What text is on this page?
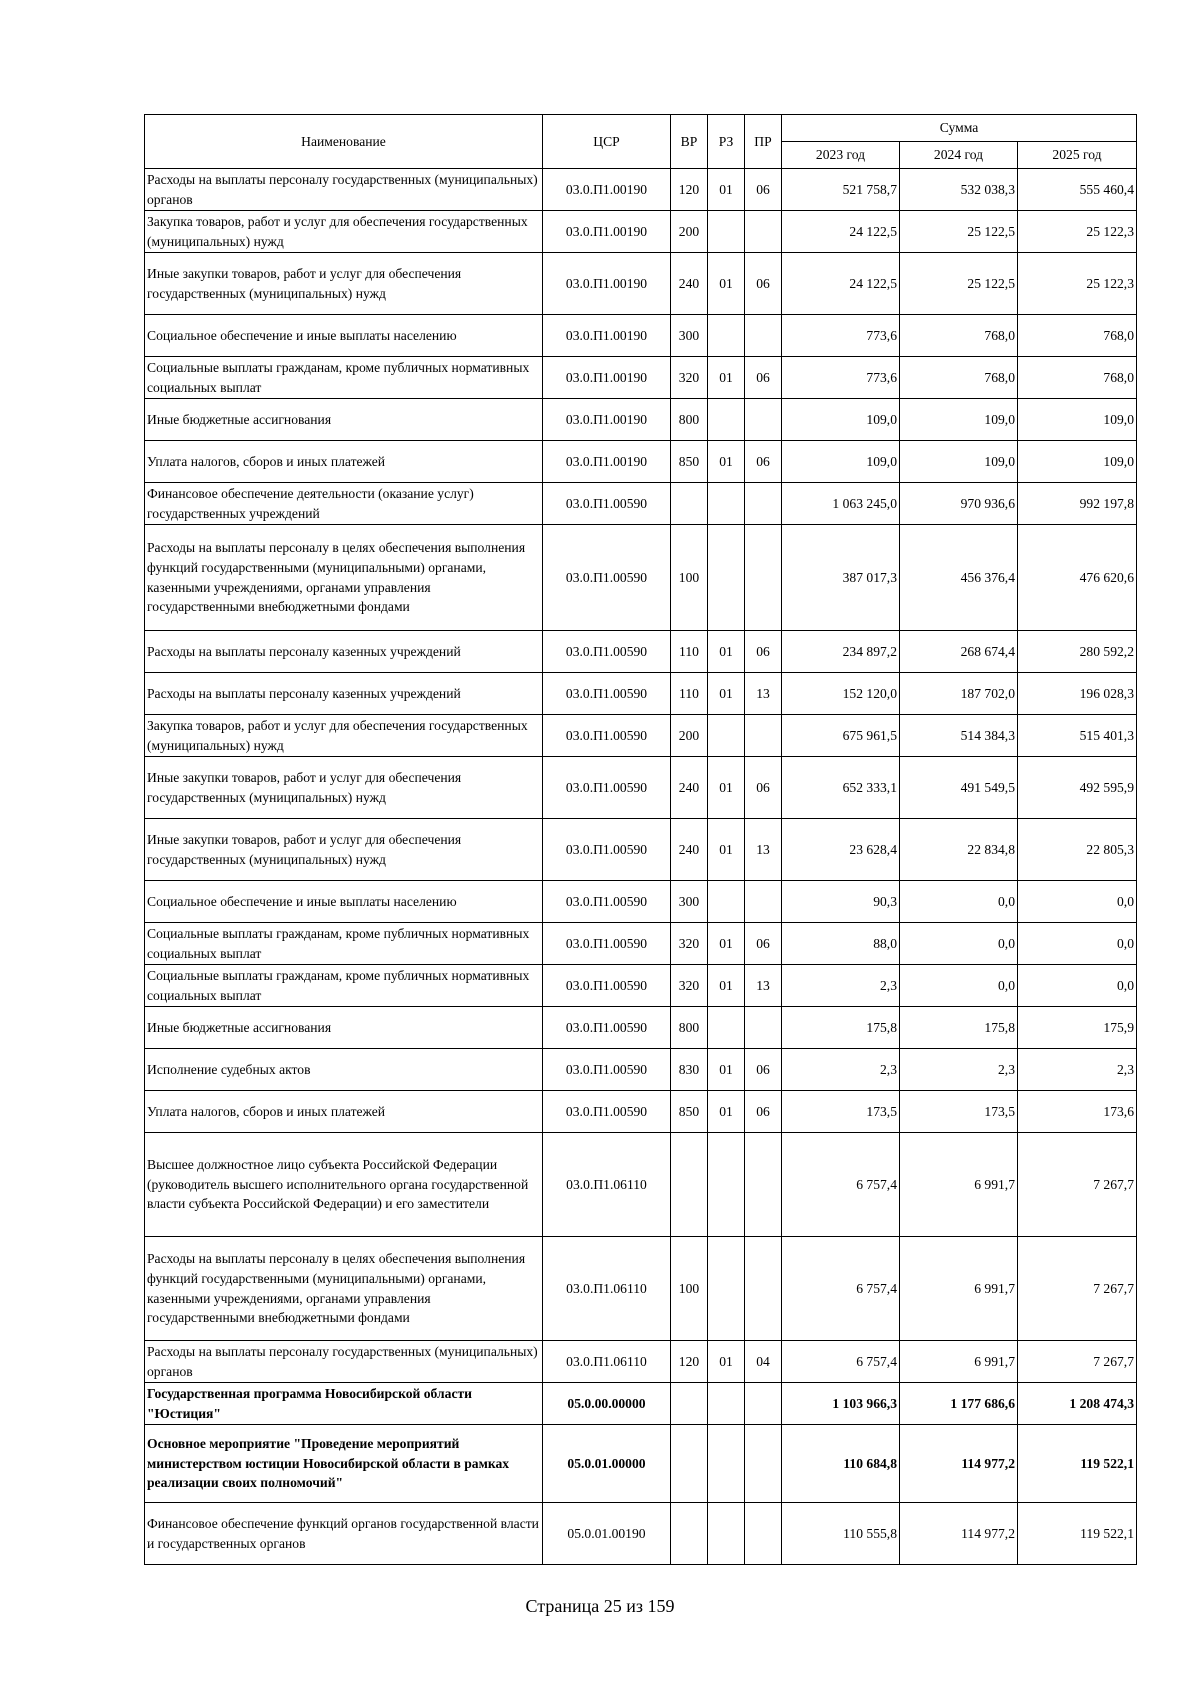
Наименование	ЦСР	ВР	РЗ	ПР	Сумма		
					2023 год	2024 год	2025 год
Расходы на выплаты персоналу государственных (муниципальных) органов	03.0.П1.00190	120	01	06	521 758,7	532 038,3	555 460,4
Закупка товаров, работ и услуг для обеспечения государственных (муниципальных) нужд	03.0.П1.00190	200			24 122,5	25 122,5	25 122,3
Иные закупки товаров, работ и услуг для обеспечения государственных (муниципальных) нужд	03.0.П1.00190	240	01	06	24 122,5	25 122,5	25 122,3
Социальное обеспечение и иные выплаты населению	03.0.П1.00190	300			773,6	768,0	768,0
Социальные выплаты гражданам, кроме публичных нормативных социальных выплат	03.0.П1.00190	320	01	06	773,6	768,0	768,0
Иные бюджетные ассигнования	03.0.П1.00190	800			109,0	109,0	109,0
Уплата налогов, сборов и иных платежей	03.0.П1.00190	850	01	06	109,0	109,0	109,0
Финансовое обеспечение деятельности (оказание услуг) государственных учреждений	03.0.П1.00590				1 063 245,0	970 936,6	992 197,8
Расходы на выплаты персоналу в целях обеспечения выполнения функций государственными (муниципальными) органами, казенными учреждениями, органами управления государственными внебюджетными фондами	03.0.П1.00590	100			387 017,3	456 376,4	476 620,6
Расходы на выплаты персоналу казенных учреждений	03.0.П1.00590	110	01	06	234 897,2	268 674,4	280 592,2
Расходы на выплаты персоналу казенных учреждений	03.0.П1.00590	110	01	13	152 120,0	187 702,0	196 028,3
Закупка товаров, работ и услуг для обеспечения государственных (муниципальных) нужд	03.0.П1.00590	200			675 961,5	514 384,3	515 401,3
Иные закупки товаров, работ и услуг для обеспечения государственных (муниципальных) нужд	03.0.П1.00590	240	01	06	652 333,1	491 549,5	492 595,9
Иные закупки товаров, работ и услуг для обеспечения государственных (муниципальных) нужд	03.0.П1.00590	240	01	13	23 628,4	22 834,8	22 805,3
Социальное обеспечение и иные выплаты населению	03.0.П1.00590	300			90,3	0,0	0,0
Социальные выплаты гражданам, кроме публичных нормативных социальных выплат	03.0.П1.00590	320	01	06	88,0	0,0	0,0
Социальные выплаты гражданам, кроме публичных нормативных социальных выплат	03.0.П1.00590	320	01	13	2,3	0,0	0,0
Иные бюджетные ассигнования	03.0.П1.00590	800			175,8	175,8	175,9
Исполнение судебных актов	03.0.П1.00590	830	01	06	2,3	2,3	2,3
Уплата налогов, сборов и иных платежей	03.0.П1.00590	850	01	06	173,5	173,5	173,6
Высшее должностное лицо субъекта Российской Федерации (руководитель высшего исполнительного органа государственной власти субъекта Российской Федерации) и его заместители	03.0.П1.06110				6 757,4	6 991,7	7 267,7
Расходы на выплаты персоналу в целях обеспечения выполнения функций государственными (муниципальными) органами, казенными учреждениями, органами управления государственными внебюджетными фондами	03.0.П1.06110	100			6 757,4	6 991,7	7 267,7
Расходы на выплаты персоналу государственных (муниципальных) органов	03.0.П1.06110	120	01	04	6 757,4	6 991,7	7 267,7
Государственная программа Новосибирской области "Юстиция"	05.0.00.00000				1 103 966,3	1 177 686,6	1 208 474,3
Основное мероприятие "Проведение мероприятий министерством юстиции Новосибирской области в рамках реализации своих полномочий"	05.0.01.00000				110 684,8	114 977,2	119 522,1
Финансовое обеспечение функций органов государственной власти и государственных органов	05.0.01.00190				110 555,8	114 977,2	119 522,1
Страница 25 из 159
